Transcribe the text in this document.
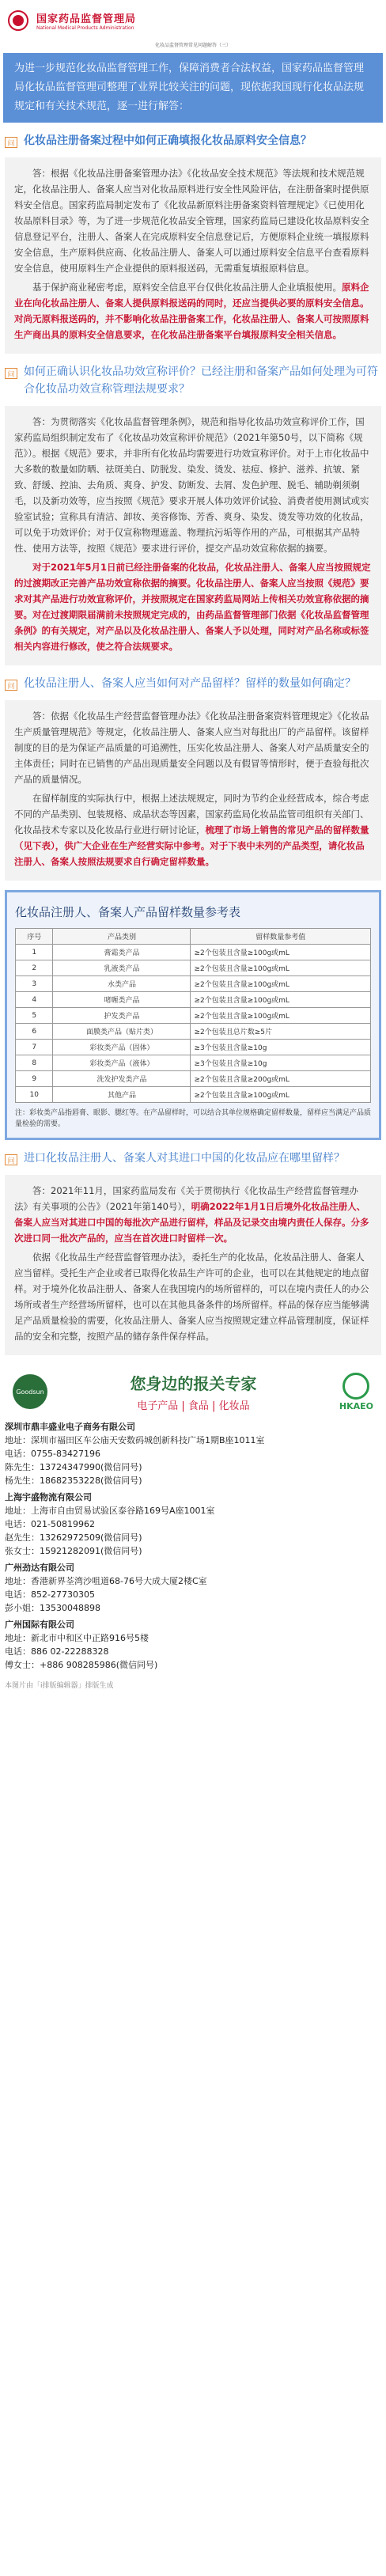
国家药品监督管理局
National Medical Products Administration
化妆品监督管理常见问题解答（三）
为进一步规范化妆品监督管理工作，保障消费者合法权益，国家药品监督管理局化妆品监督管理司整理了业界比较关注的问题，现依据我国现行化妆品法规规定和有关技术规范，逐一进行解答：
问 化妆品注册备案过程中如何正确填报化妆品原料安全信息？

答：根据《化妆品注册备案管理办法》《化妆品安全技术规范》等法规和技术规范规定，化妆品注册人、备案人应当对化妆品原料进行安全性风险评估，在注册备案时提供原料安全信息。国家药监局制定发布了《化妆品新原料注册备案资料管理规定》《已使用化妆品原料目录》等，为了进一步规范化妆品安全管理，国家药监局已建设化妆品原料安全信息登记平台，注册人、备案人在完成原料安全信息登记后，方便原料企业统一填报原料安全信息，生产原料供应商、化妆品注册人、备案人可以通过原料安全信息平台查看原料安全信息，使用原料生产企业提供的原料报送码，无需重复填报原料信息。

基于保护商业秘密考虑，原料安全信息平台仅供化妆品注册人企业填报使用。原料企业在向化妆品注册人、备案人提供原料报送码的同时，还应当提供必要的原料安全信息。对尚无原料报送码的，并不影响化妆品注册备案工作，化妆品注册人、备案人可按照原料生产商出具的原料安全信息要求，在化妆品注册备案平台填报原料安全相关信息。

问 如何正确认识化妆品功效宣称评价？已经注册和备案产品如何处理为可符合化妆品功效宣称管理法规要求？

答：为贯彻落实《化妆品监督管理条例》，规范和指导化妆品功效宣称评价工作，国家药监局组织制定发布了《化妆品功效宣称评价规范》（2021年第50号，以下简称《规范》）。根据《规范》要求，并非所有化妆品均需要进行功效宣称评价。对于上市化妆品中大多数的数量如防晒、祛斑美白、防脱发、染发、烫发、祛痘、修护、滋养、抗皱、紧致、舒缓、控油、去角质、爽身、护发、防断发、去屑、发色护理、脱毛、辅助剃须剃毛，以及新功效等，应当按照《规范》要求开展人体功效评价试验、消费者使用测试或实验室试验；宣称具有清洁、卸妆、美容修饰、芳香、爽身、染发、烫发等功效的化妆品，可以免于功效评价；对于仅宣称物理遮盖、物理抗污垢等作用的产品，可根据其产品特性、使用方法等，按照《规范》要求进行评价，提交产品功效宣称依据的摘要。

对于2021年5月1日前已经注册备案的化妆品，化妆品注册人、备案人应当按照规定的过渡期改正完善产品功效宣称依据的摘要。化妆品注册人、备案人应当按照《规范》要求对其产品进行功效宣称评价，并按照规定在国家药监局网站上传相关功效宣称依据的摘要。对在过渡期限届满前未按照规定完成的，由药品监督管理部门依据《化妆品监督管理条例》的有关规定，对产品以及化妆品注册人、备案人予以处理，同时对产品名称或标签相关内容进行修改，使之符合法规要求。

问 化妆品注册人、备案人应当如何对产品留样？留样的数量如何确定？

答：依据《化妆品生产经营监督管理办法》《化妆品注册备案资料管理规定》《化妆品生产质量管理规范》等规定，化妆品注册人、备案人应当对每批出厂的产品留样。该留样制度的目的是为保证产品质量的可追溯性，压实化妆品注册人、备案人对产品质量安全的主体责任；同时在已销售的产品出现质量安全问题以及有假冒等情形时，便于查验每批次产品的质量情况。

在留样制度的实际执行中，根据上述法规规定，同时为节约企业经营成本，综合考虑不同的产品类别、包装规格、成品状态等因素，国家药监局化妆品监管司组织有关部门、化妆品技术专家以及化妆品行业进行研讨论证，梳理了市场上销售的常见产品的留样数量（见下表），供广大企业在生产经营实际中参考。对于下表中未列的产品类型，请化妆品注册人、备案人按照法规要求自行确定留样数量。

化妆品注册人、备案人产品留样数量参考表
序号	产品类别	留样数量参考值
1	膏霜类产品	≥2个包装且含量≥100g或mL
2	乳液类产品	≥2个包装且含量≥100g或mL
3	水类产品	≥2个包装且含量≥100g或mL
4	啫喱类产品	≥2个包装且含量≥100g或mL
5	护发类产品	≥2个包装且含量≥100g或mL
6	面膜类产品（贴片类）	≥2个包装且总片数≥5片
7	彩妆类产品（固体）	≥3个包装且含量≥10g
8	彩妆类产品（液体）	≥3个包装且含量≥10g
9	洗发护发类产品	≥2个包装且含量≥200g或mL
10	其他产品	≥2个包装且含量≥100g或mL
注：彩妆类产品指唇膏、眼影、腮红等。在产品留样时，可以结合其单位规格确定留样数量，留样应当满足产品质量检验的需要。
问 进口化妆品注册人、备案人对其进口中国的化妆品应在哪里留样？

答：2021年11月，国家药监局发布《关于贯彻执行《化妆品生产经营监督管理办法》有关事项的公告》（2021年第140号），明确2022年1月1日后境外化妆品注册人、备案人应当对其进口中国的每批次产品进行留样，样品及记录交由境内责任人保存。分多次进口同一批次产品的，应当在首次进口时留样一次。

依据《化妆品生产经营监督管理办法》，委托生产的化妆品，化妆品注册人、备案人应当留样。受托生产企业或者已取得化妆品生产许可的企业，也可以在其他规定的地点留样。对于境外化妆品注册人、备案人在我国境内的场所留样的，可以在境内责任人的办公场所或者生产经营场所留样，也可以在其他具备条件的场所留样。样品的保存应当能够满足产品质量检验的需要，化妆品注册人、备案人应当按照规定建立样品管理制度，保证样品的安全和完整，按照产品的储存条件保存样品。

Goodsun	您身边的报关专家
电子产品 | 食品 | 化妆品	HKAEO
深圳市鼎丰盛业电子商务有限公司
地址：深圳市福田区车公庙天安数码城创新科技广场1期B座1011室
电话：0755-83427196
陈先生：13724347990(微信同号)
杨先生：18682353228(微信同号)
上海宇盛物流有限公司
地址：上海市自由贸易试验区泰谷路169号A座1001室
电话：021-50819962
赵先生：13262972509(微信同号)
张女士：15921282091(微信同号)
广州劲达有限公司
地址：香港新界荃湾沙咀道68-76号大成大厦2楼C室
电话：852-27730305
彭小姐：13530048898
广州国际有限公司
地址：新北市中和区中正路916号5楼
电话：886 02-22288328
傅女士：+886 908285986(微信同号)
本图片由「i排版编辑器」排版生成
